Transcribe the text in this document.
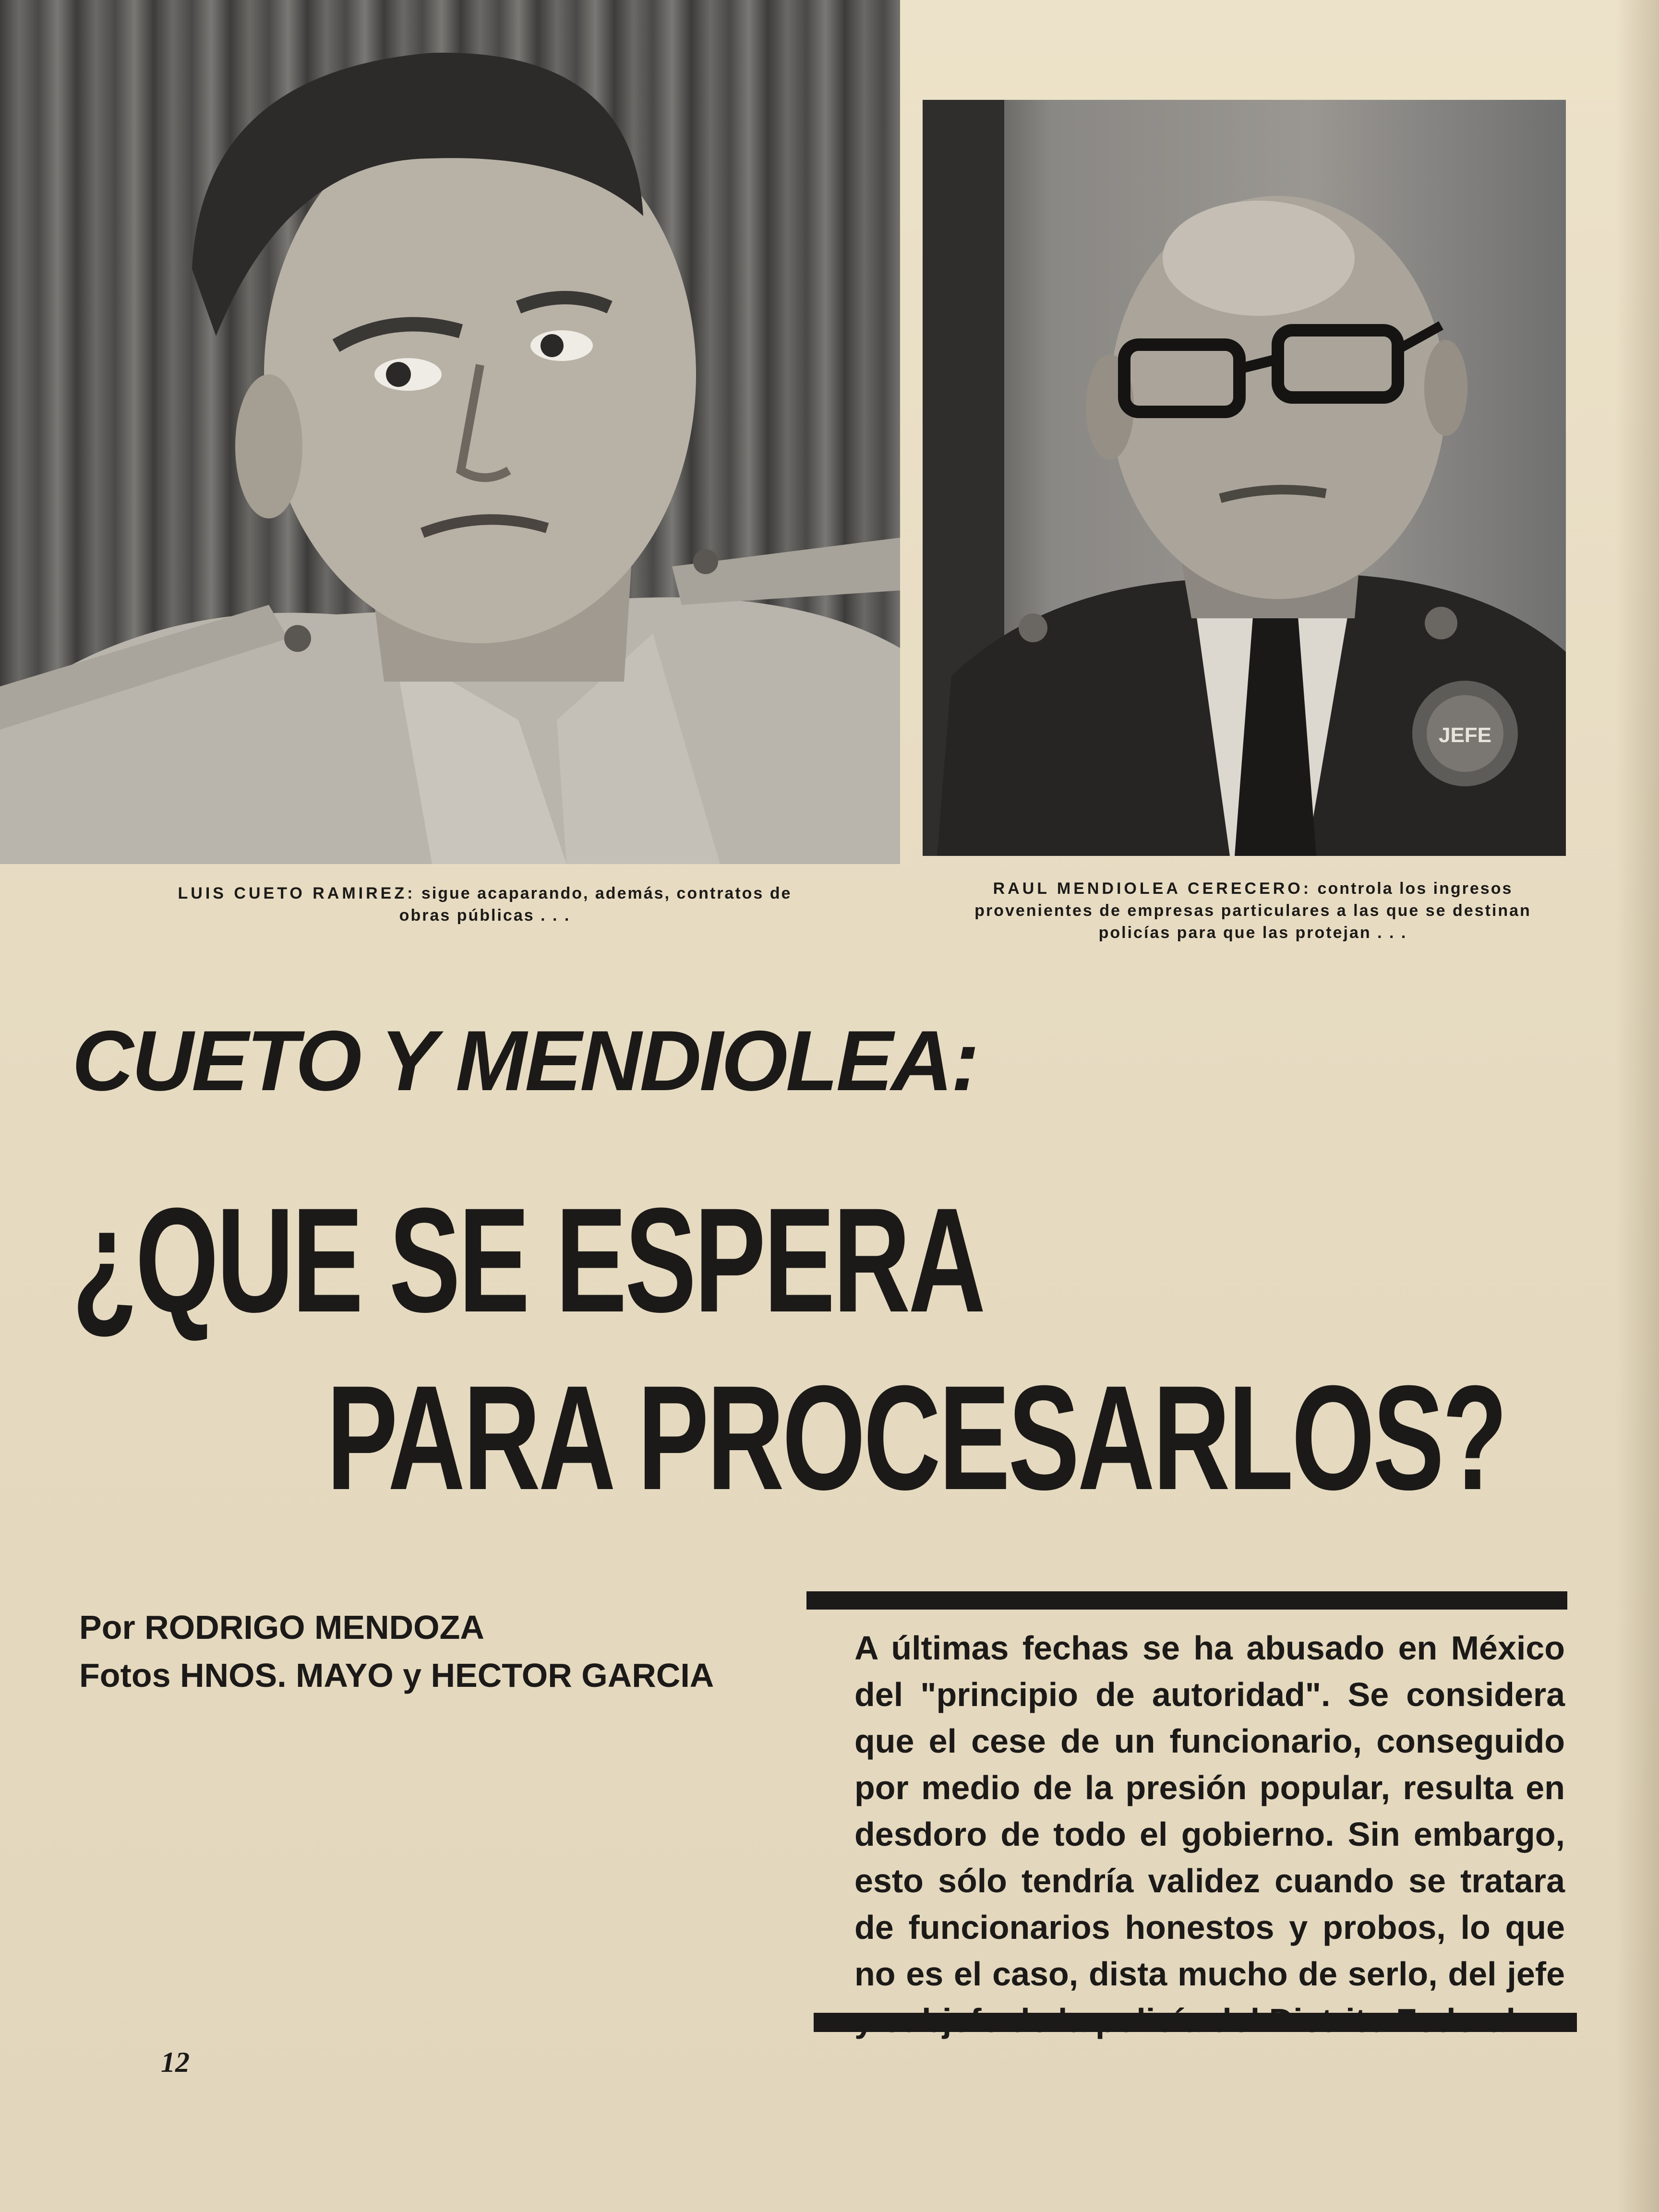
JEFE
LUIS CUETO RAMIREZ: sigue acaparando, además, contratos de obras públicas . . .
RAUL MENDIOLEA CERECERO: controla los ingresos provenientes de empresas particulares a las que se destinan policías para que las protejan . . .
CUETO Y MENDIOLEA:
¿QUE SE ESPERA
PARA PROCESARLOS?
Por RODRIGO MENDOZA
Fotos HNOS. MAYO y HECTOR GARCIA
A últimas fechas se ha abusado en México del "principio de autoridad". Se considera que el cese de un funcionario, conseguido por medio de la presión popular, resulta en desdoro de todo el gobierno. Sin embargo, esto sólo tendría validez cuando se tratara de funcionarios honestos y probos, lo que no es el caso, dista mucho de serlo, del jefe
12
